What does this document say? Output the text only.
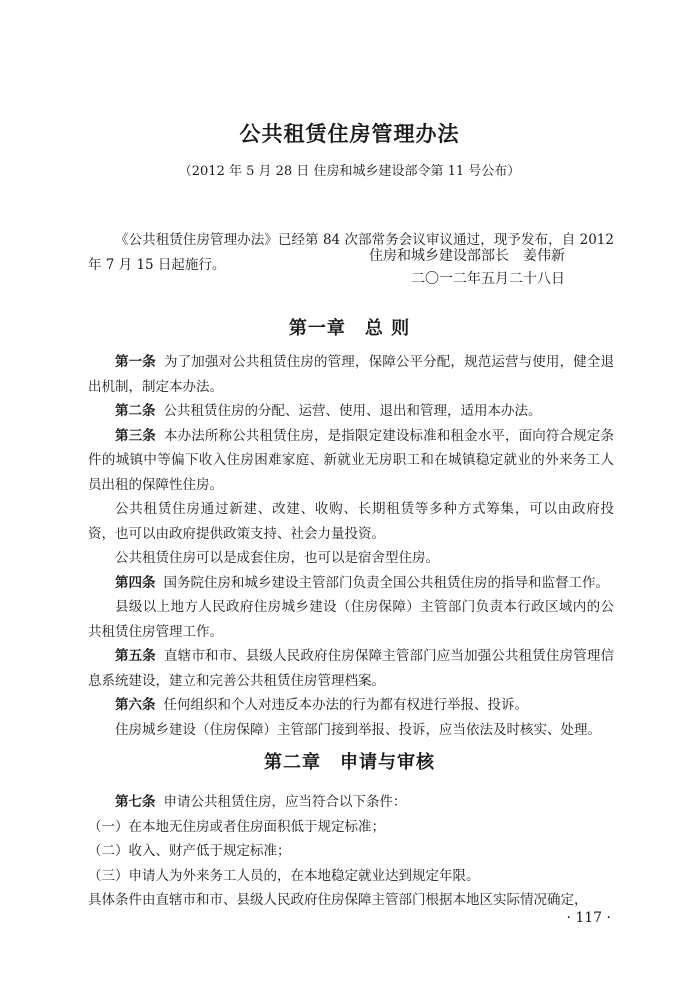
公共租赁住房管理办法
（2012 年 5 月 28 日 住房和城乡建设部令第 11 号公布）

《公共租赁住房管理办法》已经第 84 次部常务会议审议通过，现予发布，自 2012 年 7 月 15 日起施行。

住房和城乡建设部部长　姜伟新
二〇一二年五月二十八日
第一章　总 则

第一条 为了加强对公共租赁住房的管理，保障公平分配，规范运营与使用，健全退出机制，制定本办法。

第二条 公共租赁住房的分配、运营、使用、退出和管理，适用本办法。

第三条 本办法所称公共租赁住房，是指限定建设标准和租金水平，面向符合规定条件的城镇中等偏下收入住房困难家庭、新就业无房职工和在城镇稳定就业的外来务工人员出租的保障性住房。

公共租赁住房通过新建、改建、收购、长期租赁等多种方式筹集，可以由政府投资，也可以由政府提供政策支持、社会力量投资。

公共租赁住房可以是成套住房，也可以是宿舍型住房。

第四条 国务院住房和城乡建设主管部门负责全国公共租赁住房的指导和监督工作。

县级以上地方人民政府住房城乡建设（住房保障）主管部门负责本行政区域内的公共租赁住房管理工作。

第五条 直辖市和市、县级人民政府住房保障主管部门应当加强公共租赁住房管理信息系统建设，建立和完善公共租赁住房管理档案。

第六条 任何组织和个人对违反本办法的行为都有权进行举报、投诉。

住房城乡建设（住房保障）主管部门接到举报、投诉，应当依法及时核实、处理。

第二章　申请与审核

第七条 申请公共租赁住房，应当符合以下条件：

（一）在本地无住房或者住房面积低于规定标准；

（二）收入、财产低于规定标准；

（三）申请人为外来务工人员的，在本地稳定就业达到规定年限。

具体条件由直辖市和市、县级人民政府住房保障主管部门根据本地区实际情况确定，

· 117 ·
